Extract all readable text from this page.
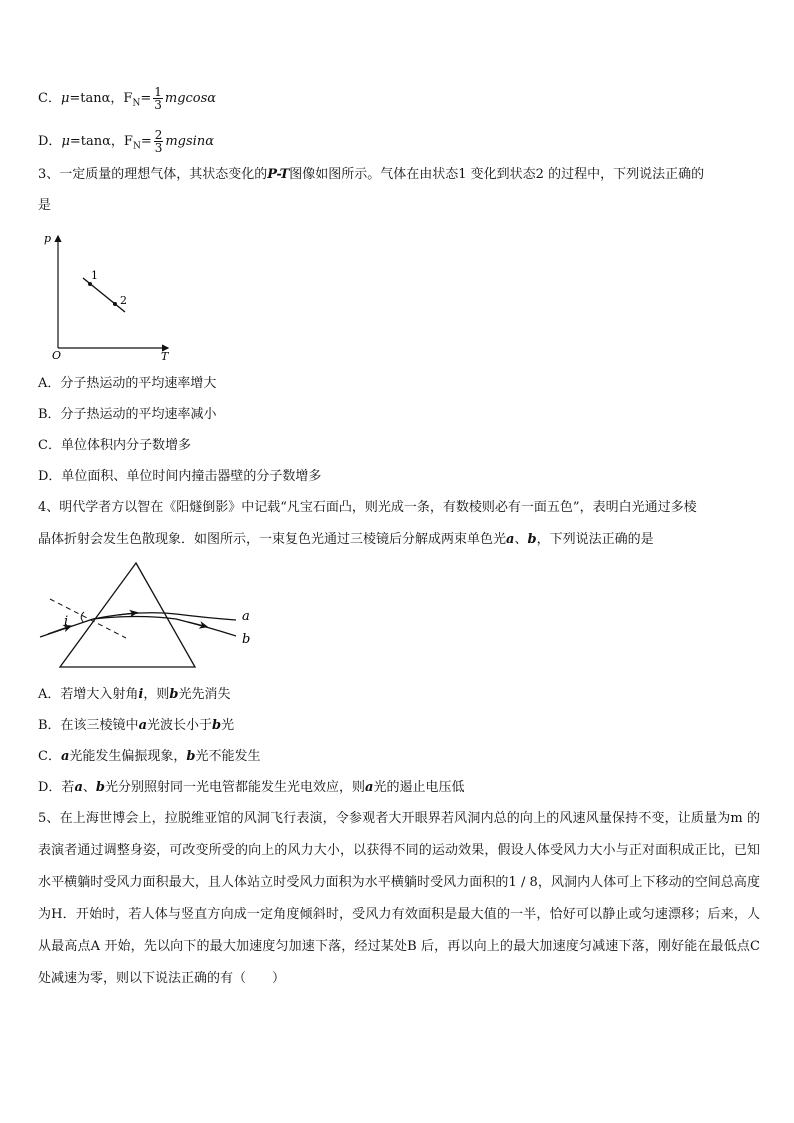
C．μ=tanα，$F_N= \frac{1}{3}$ mgcosα
D．μ=tanα，$F_N= \frac{2}{3}$ mgsinα
3、一定质量的理想气体，其状态变化的P-T图像如图所示。气体在由状态1 变化到状态2 的过程中，下列说法正确的
是
p
T
O
1
2
A．分子热运动的平均速率增大
B．分子热运动的平均速率减小
C．单位体积内分子数增多
D．单位面积、单位时间内撞击器壁的分子数增多
4、明代学者方以智在《阳燧倒影》中记载“凡宝石面凸，则光成一条，有数棱则必有一面五色”，表明白光通过多棱
晶体折射会发生色散现象．如图所示，一束复色光通过三棱镜后分解成两束单色光a、b，下列说法正确的是
i	a
b
A．若增大入射角i，则b光先消失
B．在该三棱镜中a光波长小于b光
C．a光能发生偏振现象，b光不能发生
D．若a、b光分别照射同一光电管都能发生光电效应，则a光的遏止电压低
5、在上海世博会上，拉脱维亚馆的风洞飞行表演，令参观者大开眼界若风洞内总的向上的风速风量保持不变，让质量为m 的表演者通过调整身姿，可改变所受的向上的风力大小，以获得不同的运动效果，假设人体受风力大小与正对面积成正比，已知水平横躺时受风力面积最大，且人体站立时受风力面积为水平横躺时受风力面积的1 / 8，风洞内人体可上下移动的空间总高度为H．开始时，若人体与竖直方向成一定角度倾斜时，受风力有效面积是最大值的一半，恰好可以静止或匀速漂移；后来，人从最高点A 开始，先以向下的最大加速度匀加速下落，经过某处B 后，再以向上的最大加速度匀减速下落，刚好能在最低点C 处减速为零，则以下说法正确的有（　　）
